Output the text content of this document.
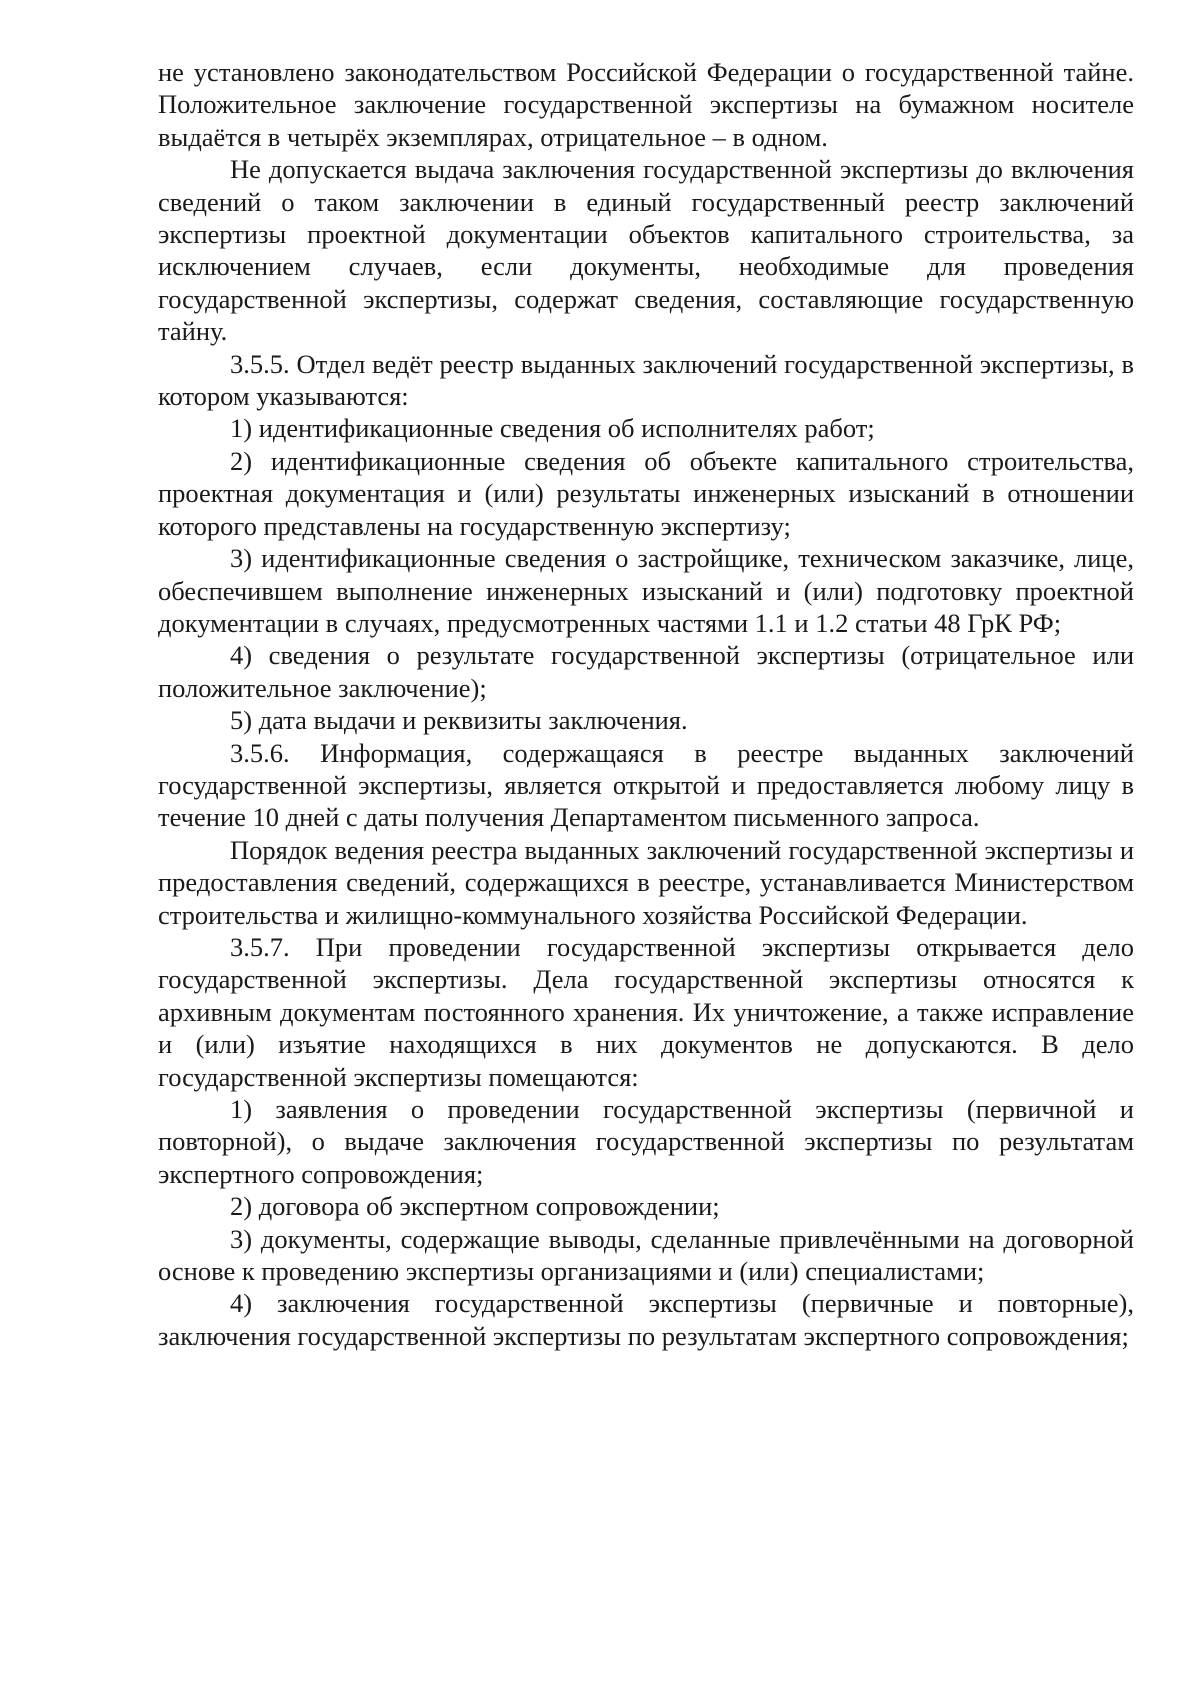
не установлено законодательством Российской Федерации о государственной тайне. Положительное заключение государственной экспертизы на бумажном носителе выдаётся в четырёх экземплярах, отрицательное – в одном.

Не допускается выдача заключения государственной экспертизы до включения сведений о таком заключении в единый государственный реестр заключений экспертизы проектной документации объектов капитального строительства, за исключением случаев, если документы, необходимые для проведения государственной экспертизы, содержат сведения, составляющие государственную тайну.

3.5.5. Отдел ведёт реестр выданных заключений государственной экспертизы, в котором указываются:

1) идентификационные сведения об исполнителях работ;

2) идентификационные сведения об объекте капитального строительства, проектная документация и (или) результаты инженерных изысканий в отношении которого представлены на государственную экспертизу;

3) идентификационные сведения о застройщике, техническом заказчике, лице, обеспечившем выполнение инженерных изысканий и (или) подготовку проектной документации в случаях, предусмотренных частями 1.1 и 1.2 статьи 48 ГрК РФ;

4) сведения о результате государственной экспертизы (отрицательное или положительное заключение);

5) дата выдачи и реквизиты заключения.

3.5.6. Информация, содержащаяся в реестре выданных заключений государственной экспертизы, является открытой и предоставляется любому лицу в течение 10 дней с даты получения Департаментом письменного запроса.

Порядок ведения реестра выданных заключений государственной экспертизы и предоставления сведений, содержащихся в реестре, устанавливается Министерством строительства и жилищно-коммунального хозяйства Российской Федерации.

3.5.7. При проведении государственной экспертизы открывается дело государственной экспертизы. Дела государственной экспертизы относятся к архивным документам постоянного хранения. Их уничтожение, а также исправление и (или) изъятие находящихся в них документов не допускаются. В дело государственной экспертизы помещаются:

1) заявления о проведении государственной экспертизы (первичной и повторной), о выдаче заключения государственной экспертизы по результатам экспертного сопровождения;

2) договора об экспертном сопровождении;

3) документы, содержащие выводы, сделанные привлечёнными на договорной основе к проведению экспертизы организациями и (или) специалистами;

4) заключения государственной экспертизы (первичные и повторные), заключения государственной экспертизы по результатам экспертного сопровождения;
